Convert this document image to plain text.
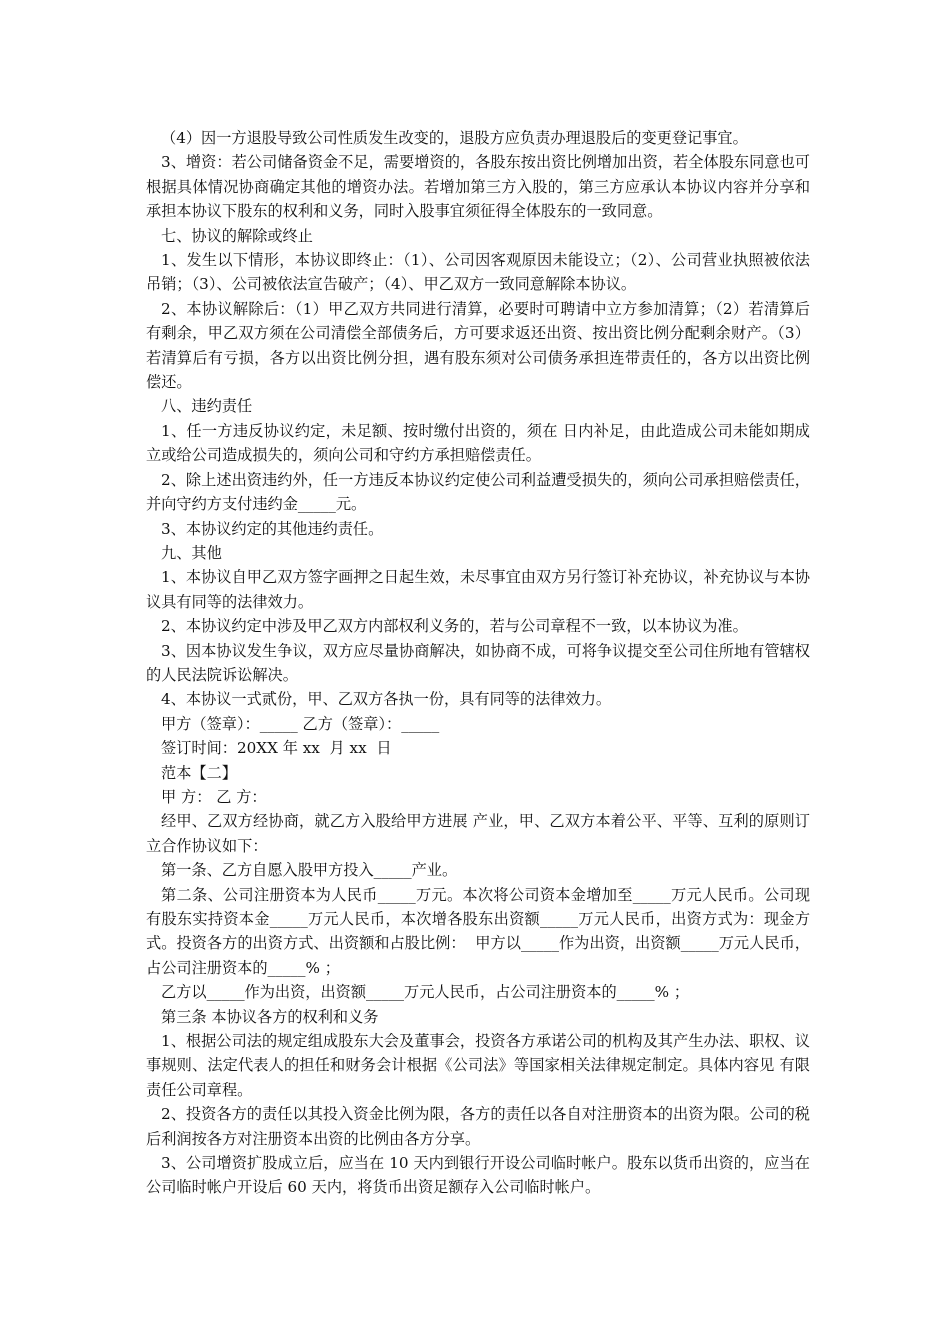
（4）因一方退股导致公司性质发生改变的，退股方应负责办理退股后的变更登记事宜。

3、增资：若公司储备资金不足，需要增资的，各股东按出资比例增加出资，若全体股东同意也可根据具体情况协商确定其他的增资办法。若增加第三方入股的，第三方应承认本协议内容并分享和承担本协议下股东的权利和义务，同时入股事宜须征得全体股东的一致同意。

七、协议的解除或终止

1、发生以下情形，本协议即终止：（1）、公司因客观原因未能设立；（2）、公司营业执照被依法吊销；（3）、公司被依法宣告破产；（4）、甲乙双方一致同意解除本协议。

2、本协议解除后：（1）甲乙双方共同进行清算，必要时可聘请中立方参加清算；（2）若清算后有剩余，甲乙双方须在公司清偿全部债务后，方可要求返还出资、按出资比例分配剩余财产。（3）若清算后有亏损，各方以出资比例分担，遇有股东须对公司债务承担连带责任的，各方以出资比例偿还。

八、违约责任

1、任一方违反协议约定，未足额、按时缴付出资的，须在 日内补足，由此造成公司未能如期成立或给公司造成损失的，须向公司和守约方承担赔偿责任。

2、除上述出资违约外，任一方违反本协议约定使公司利益遭受损失的，须向公司承担赔偿责任，并向守约方支付违约金_____元。

3、本协议约定的其他违约责任。

九、其他

1、本协议自甲乙双方签字画押之日起生效，未尽事宜由双方另行签订补充协议，补充协议与本协议具有同等的法律效力。

2、本协议约定中涉及甲乙双方内部权利义务的，若与公司章程不一致，以本协议为准。

3、因本协议发生争议，双方应尽量协商解决，如协商不成，可将争议提交至公司住所地有管辖权的人民法院诉讼解决。

4、本协议一式贰份，甲、乙双方各执一份，具有同等的法律效力。

甲方（签章）：_____ 乙方（签章）：_____

签订时间：20XX 年 xx  月 xx  日

范本【二】

甲 方： 乙 方：

经甲、乙双方经协商，就乙方入股给甲方进展 产业，甲、乙双方本着公平、平等、互利的原则订立合作协议如下：

第一条、乙方自愿入股甲方投入_____产业。

第二条、公司注册资本为人民币_____万元。本次将公司资本金增加至_____万元人民币。公司现有股东实持资本金_____万元人民币，本次增各股东出资额_____万元人民币，出资方式为：现金方式。投资各方的出资方式、出资额和占股比例：  甲方以_____作为出资，出资额_____万元人民币，占公司注册资本的_____% ；

乙方以_____作为出资，出资额_____万元人民币，占公司注册资本的_____% ；

第三条 本协议各方的权利和义务

1、根据公司法的规定组成股东大会及董事会，投资各方承诺公司的机构及其产生办法、职权、议事规则、法定代表人的担任和财务会计根据《公司法》等国家相关法律规定制定。具体内容见 有限责任公司章程。

2、投资各方的责任以其投入资金比例为限，各方的责任以各自对注册资本的出资为限。公司的税后利润按各方对注册资本出资的比例由各方分享。

3、公司增资扩股成立后，应当在 10 天内到银行开设公司临时帐户。股东以货币出资的，应当在公司临时帐户开设后 60 天内，将货币出资足额存入公司临时帐户。
